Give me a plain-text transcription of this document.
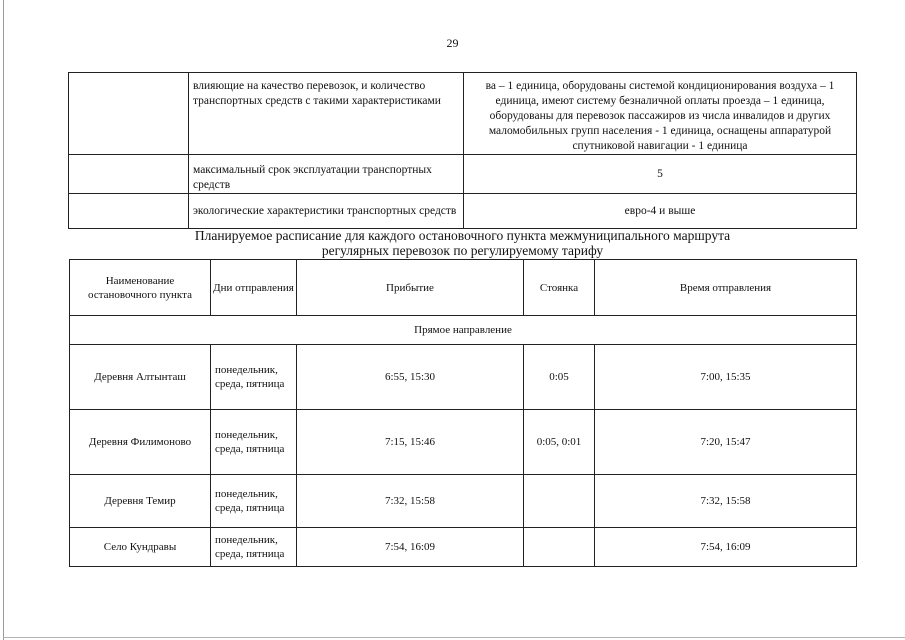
29

	влияющие на качество перевозок, и количество транспортных средств с такими характеристиками	ва – 1 единица, оборудованы системой кондиционирования воздуха – 1 единица, имеют систему безналичной оплаты проезда – 1 единица, оборудованы для перевозок пассажиров из числа инвалидов и других маломобильных групп населения - 1 единица, оснащены аппаратурой спутниковой навигации - 1 единица

	максимальный срок эксплуатации транспортных средств	5

	экологические характеристики транспортных средств	евро-4 и выше
Планируемое расписание для каждого остановочного пункта межмуниципального маршрута
регулярных перевозок по регулируемому тарифу
Наименование остановочного пункта	Дни отправления	Прибытие	Стоянка	Время отправления
Прямое направление				
Деревня Алтынташ	понедельник, среда, пятница	6:55, 15:30	0:05	7:00, 15:35
Деревня Филимоново	понедельник, среда, пятница	7:15, 15:46	0:05, 0:01	7:20, 15:47
Деревня Темир	понедельник, среда, пятница	7:32, 15:58		7:32, 15:58
Село Кундравы	понедельник, среда, пятница	7:54, 16:09		7:54, 16:09
